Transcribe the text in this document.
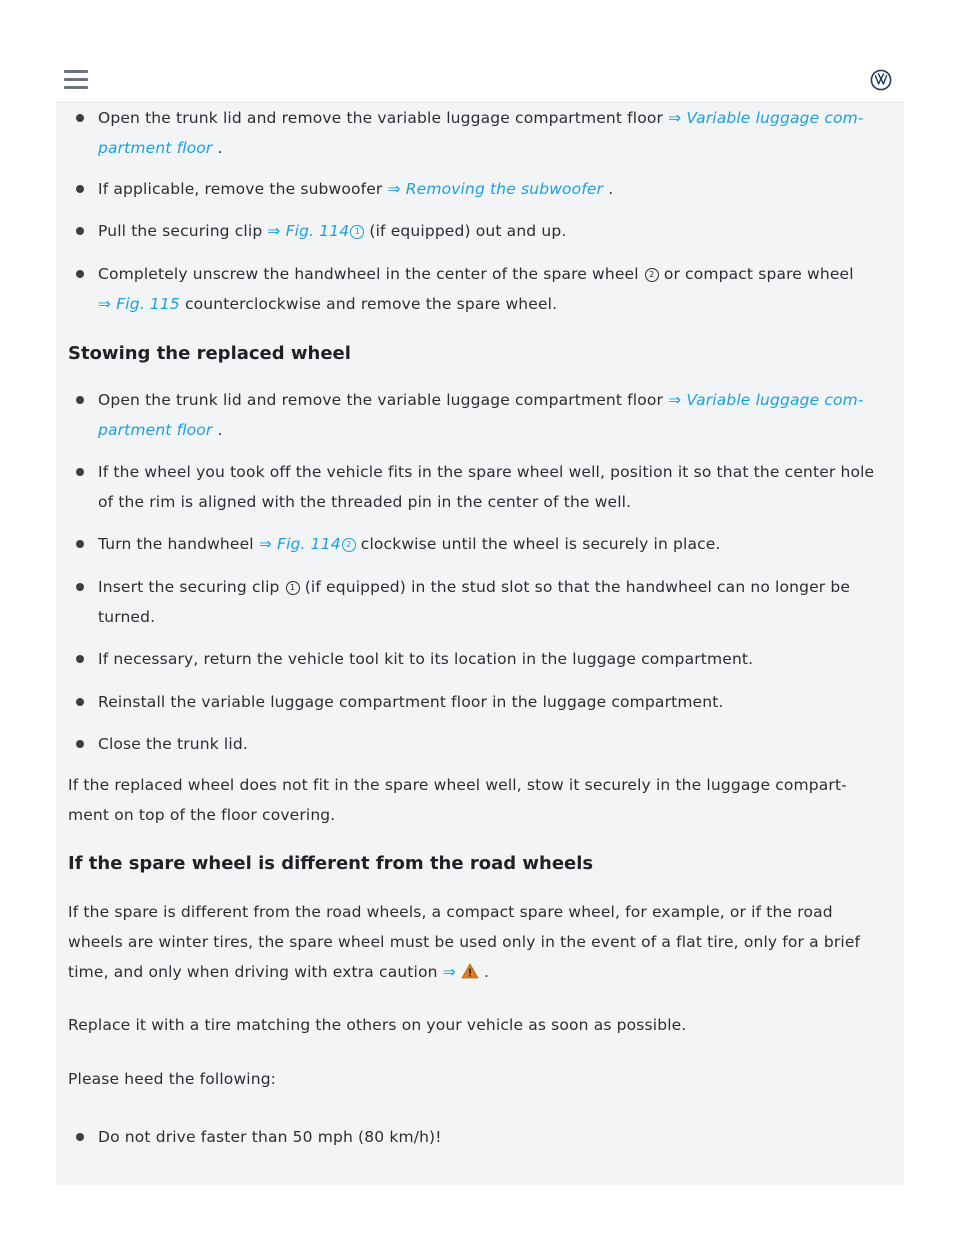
Open the trunk lid and remove the variable luggage compartment floor ⇒ Variable luggage com-
partment floor .
If applicable, remove the subwoofer ⇒ Removing the subwoofer .
Pull the securing clip ⇒ Fig. 114 1 (if equipped) out and up.
Completely unscrew the handwheel in the center of the spare wheel 2 or compact spare wheel
⇒ Fig. 115 counterclockwise and remove the spare wheel.
Stowing the replaced wheel
Open the trunk lid and remove the variable luggage compartment floor ⇒ Variable luggage com-
partment floor .
If the wheel you took off the vehicle fits in the spare wheel well, position it so that the center hole
of the rim is aligned with the threaded pin in the center of the well.
Turn the handwheel ⇒ Fig. 114 2 clockwise until the wheel is securely in place.
Insert the securing clip 1 (if equipped) in the stud slot so that the handwheel can no longer be
turned.
If necessary, return the vehicle tool kit to its location in the luggage compartment.
Reinstall the variable luggage compartment floor in the luggage compartment.
Close the trunk lid.

If the replaced wheel does not fit in the spare wheel well, stow it securely in the luggage compart-
ment on top of the floor covering.

If the spare wheel is different from the road wheels

If the spare is different from the road wheels, a compact spare wheel, for example, or if the road
wheels are winter tires, the spare wheel must be used only in the event of a flat tire, only for a brief
time, and only when driving with extra caution ⇒  .

Replace it with a tire matching the others on your vehicle as soon as possible.

Please heed the following:

Do not drive faster than 50 mph (80 km/h)!
